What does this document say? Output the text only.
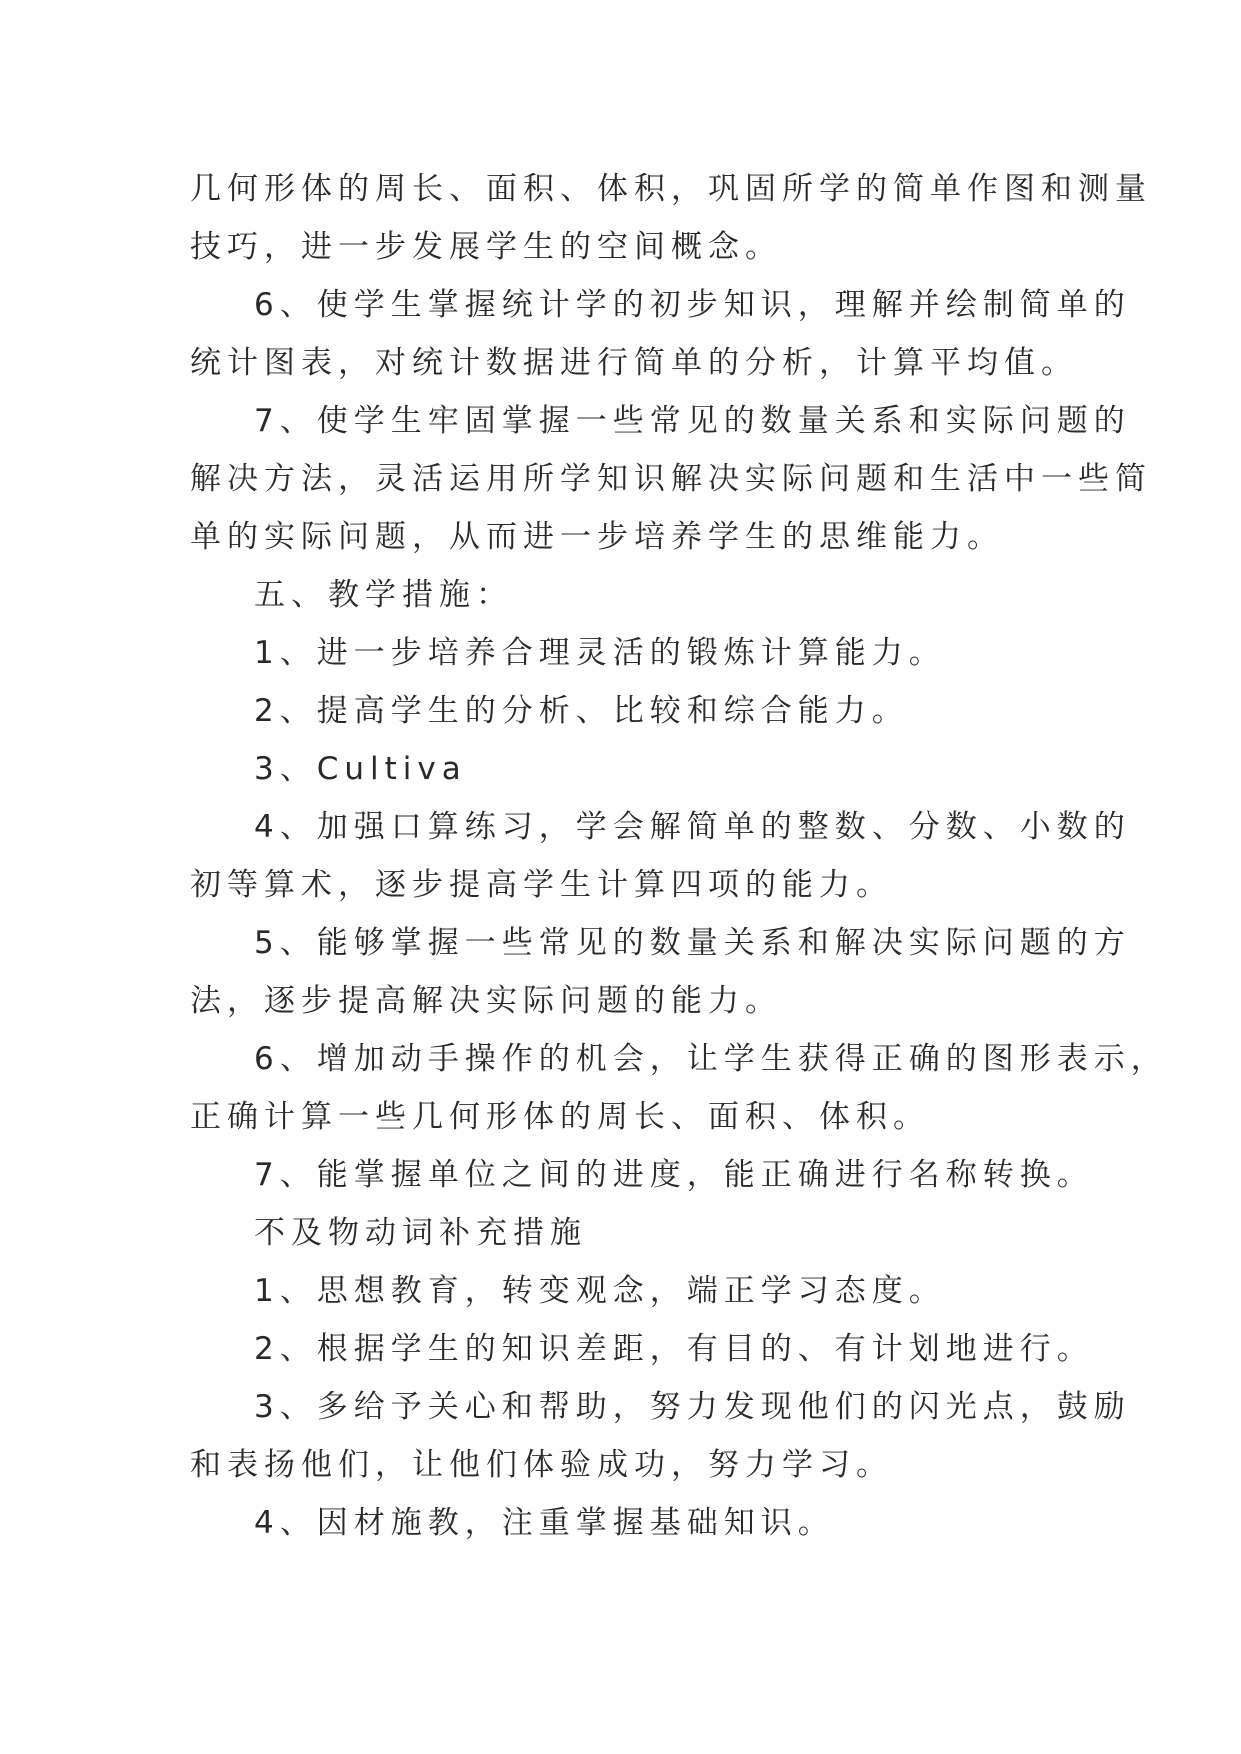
几何形体的周长、面积、体积，巩固所学的简单作图和测量
技巧，进一步发展学生的空间概念。
6、使学生掌握统计学的初步知识，理解并绘制简单的
统计图表，对统计数据进行简单的分析，计算平均值。
7、使学生牢固掌握一些常见的数量关系和实际问题的
解决方法，灵活运用所学知识解决实际问题和生活中一些简
单的实际问题，从而进一步培养学生的思维能力。
五、教学措施：
1、进一步培养合理灵活的锻炼计算能力。
2、提高学生的分析、比较和综合能力。
3、Cultiva
4、加强口算练习，学会解简单的整数、分数、小数的
初等算术，逐步提高学生计算四项的能力。
5、能够掌握一些常见的数量关系和解决实际问题的方
法，逐步提高解决实际问题的能力。
6、增加动手操作的机会，让学生获得正确的图形表示，
正确计算一些几何形体的周长、面积、体积。
7、能掌握单位之间的进度，能正确进行名称转换。
不及物动词补充措施
1、思想教育，转变观念，端正学习态度。
2、根据学生的知识差距，有目的、有计划地进行。
3、多给予关心和帮助，努力发现他们的闪光点，鼓励
和表扬他们，让他们体验成功，努力学习。
4、因材施教，注重掌握基础知识。
